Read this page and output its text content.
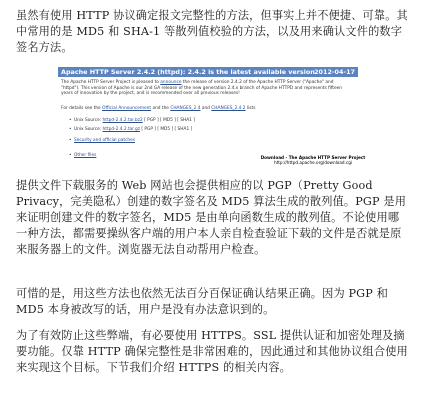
虽然有使用 HTTP 协议确定报文完整性的方法，但事实上并不便捷、可靠。其中常用的是 MD5 和 SHA-1 等散列值校验的方法，以及用来确认文件的数字签名方法。

Apache HTTP Server 2.4.2 (httpd): 2.4.2 is the latest available version 2012-04-17
The Apache HTTP Server Project is pleased to announce the release of version 2.4.2 of the Apache HTTP Server ("Apache" and "httpd"). This version of Apache is our 2nd GA release of the new generation 2.4.x branch of Apache HTTPD and represents fifteen years of innovation by the project, and is recommended over all previous releases!
For details see the Official Announcement and the CHANGES_2.4 and CHANGES_2.4.2 lists
• Unix Source: httpd-2.4.2.tar.bz2 [ PGP ] [ MD5 ] [ SHA1 ]
• Unix Source: httpd-2.4.2.tar.gz [ PGP ] [ MD5 ] [ SHA1 ]
• Security and official patches
• Other files	Download - The Apache HTTP Server Project
http://httpd.apache.org/download.cgi

提供文件下载服务的 Web 网站也会提供相应的以 PGP（Pretty Good Privacy，完美隐私）创建的数字签名及 MD5 算法生成的散列值。PGP 是用来证明创建文件的数字签名，MD5 是由单向函数生成的散列值。不论使用哪一种方法，都需要操纵客户端的用户本人亲自检查验证下载的文件是否就是原来服务器上的文件。浏览器无法自动帮用户检查。

可惜的是，用这些方法也依然无法百分百保证确认结果正确。因为 PGP 和 MD5 本身被改写的话，用户是没有办法意识到的。

为了有效防止这些弊端，有必要使用 HTTPS。SSL 提供认证和加密处理及摘要功能。仅靠 HTTP 确保完整性是非常困难的，因此通过和其他协议组合使用来实现这个目标。下节我们介绍 HTTPS 的相关内容。
